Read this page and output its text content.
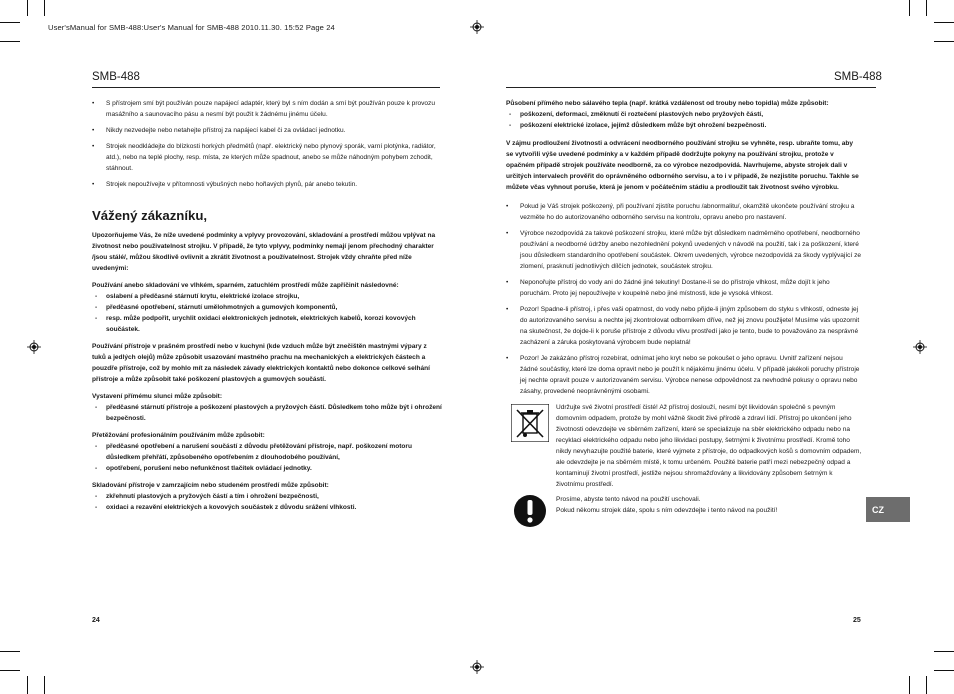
User'sManual for SMB-488:User's Manual for SMB-488 2010.11.30. 15:52 Page 24
SMB-488
• S přístrojem smí být používán pouze napájecí adaptér, který byl s ním dodán a smí být používán pouze k provozu masážního a saunovacího pásu a nesmí být použit k žádnému jinému účelu.
• Nikdy nezvedejte nebo netahejte přístroj za napájecí kabel či za ovládací jednotku.
• Strojek neodkládejte do blízkosti horkých předmětů (např. elektrický nebo plynový sporák, varní plotýnka, radiátor, atd.), nebo na teplé plochy, resp. místa, ze kterých může spadnout, anebo se může náhodným pohybem zchodit, stáhnout.
• Strojek nepoužívejte v přítomnosti výbušných nebo hořlavých plynů, pár anebo tekutin.
Vážený zákazníku,
Upozorňujeme Vás, že níže uvedené podmínky a vplyvy provozování, skladování a prostředí můžou vplývat na životnost nebo použivatelnost strojku. V případě, že tyto vplyvy, podmínky nemají jenom přechodný charakter /jsou stálé/, můžou škodlivě ovlivnit a zkrátit životnost a používatelnost. Strojek vždy chraňte před níže uvedenými:
Používání anebo skladování ve vlhkém, sparném, zatuchlém prostředí může zapříčinit následovné:
- oslabení a předčasné stárnutí krytu, elektrické izolace strojku,
- předčasné opotřebení, stárnutí umělohmotných a gumových komponentů,
- resp. může podpořit, urychlit oxidaci elektronických jednotek, elektrických kabelů, korozi kovových součástek.
Používání přístroje v prašném prostředí nebo v kuchyni (kde vzduch může být znečištěn mastnými výpary z tuků a jedlých olejů) může způsobit usazování mastného prachu na mechanických a elektrických částech a pouzdře přístroje, což by mohlo mít za následek závady elektrických kontaktů nebo dokonce celkové selhání přístroje a může způsobit také poškození plastových a gumových součástí.
Vystavení přímému slunci může způsobit:
- předčasné stárnutí přístroje a poškození plastových a pryžových částí. Důsledkem toho může být i ohrožení bezpečnosti.
Přetěžování profesionálním používáním může způsobit:
- předčasné opotřebení a narušení součástí z důvodu přetěžování přístroje, např. poškození motoru důsledkem přehřátí, způsobeného opotřebením z dlouhodobého používání,
- opotřebení, porušení nebo nefunkčnost tlačítek ovládací jednotky.
Skladování přístroje v zamrzajícím nebo studeném prostředí může způsobit:
- zkřehnutí plastových a pryžových částí a tím i ohrožení bezpečnosti,
- oxidaci a rezavění elektrických a kovových součástek z důvodu srážení vlhkosti.
24
SMB-488
Působení přímého nebo sálavého tepla (např. krátká vzdálenost od trouby nebo topidla) může způsobit:
- poškození, deformaci, změknutí či roztečení plastových nebo pryžových částí,
- poškození elektrické izolace, jejímž důsledkem může být ohrožení bezpečnosti.
V zájmu prodloužení životnosti a odvrácení neodborného používání strojku se vyhněte, resp. ubraňte tomu, aby se vytvořili výše uvedené podmínky a v každém případě dodržujte pokyny na používání strojku, protože v opačném případě strojek používáte neodborně, za co výrobce nezodpovídá. Navrhujeme, abyste strojek dali v určitých intervalech prověřit do oprávněného odborného servisu, a to i v případě, že nezjistíte poruchu. Takhle se můžete včas vyhnout poruše, která je jenom v počátečním stádiu a prodloužit tak životnost svého výrobku.
• Pokud je Váš strojek poškozený, při používaní zjistíte poruchu /abnormalitu/, okamžitě ukončete používání strojku a vezměte ho do autorizovaného odborného servisu na kontrolu, opravu anebo pro nastavení.
• Výrobce nezodpovídá za takové poškození strojku, které může být důsledkem nadměrného opotřebení, neodborného používání a neodborné údržby anebo nezohlednění pokynů uvedených v návodě na použití, tak i za poškození, které jsou důsledkem standardního opotřebení součástek. Okrem uvedených, výrobce nezodpovídá za škody vyplývající ze zlomení, prasknutí jednotlivých dílčích jednotek, součástek strojku.
• Neponořujte přístroj do vody ani do žádné jiné tekutiny! Dostane-li se do přístroje vlhkost, může dojít k jeho poruchám. Proto jej nepoužívejte v koupelně nebo jiné místnosti, kde je vysoká vlhkost.
• Pozor! Spadne-li přístroj, i přes vaši opatrnost, do vody nebo přijde-li jiným způsobem do styku s vlhkostí, odneste jej do autorizovaného servisu a nechte jej zkontrolovat odborníkem dříve, než jej znovu použijete! Musíme vás upozornit na skutečnost, že dojde-li k poruše přístroje z důvodu vlivu prostředí jako je tento, bude to považováno za nesprávné zacházení a záruka poskytovaná výrobcem bude neplatná!
• Pozor! Je zakázáno přístroj rozebírat, odnímat jeho kryt nebo se pokoušet o jeho opravu. Uvnitř zařízení nejsou žádné součástky, které lze doma opravit nebo je použít k nějakému jinému účelu. V případě jakékoli poruchy přístroje jej nechte opravit pouze v autorizovaném servisu. Výrobce nenese odpovědnost za nevhodné pokusy o opravu nebo zásahy, provedené neoprávněnými osobami.
Udržujte své životní prostředí čisté! Až přístroj doslouží, nesmí být likvidován společně s pevným domovním odpadem, protože by mohl vážně škodit živé přírodě a zdraví lidí. Přístroj po ukončení jeho životnosti odevzdejte ve sběrném zařízení, které se specializuje na sběr elektrického odpadu nebo na recyklaci elektrického odpadu nebo jeho likvidaci postupy, šetrnými k životnímu prostředí. Kromě toho nikdy nevyhazujte použité baterie, které vyjmete z přístroje, do odpadkových košů s domovním odpadem, ale odevzdejte je na sběrném místě, k tomu určeném. Použité baterie patří mezi nebezpečný odpad a kontaminují životní prostředí, jestliže nejsou shromažďovány a likvidovány způsobem šetrným k životnímu prostředí.
Prosíme, abyste tento návod na použití uschovali.
Pokud někomu strojek dáte, spolu s ním odevzdejte i tento návod na použití!	CZ
25
